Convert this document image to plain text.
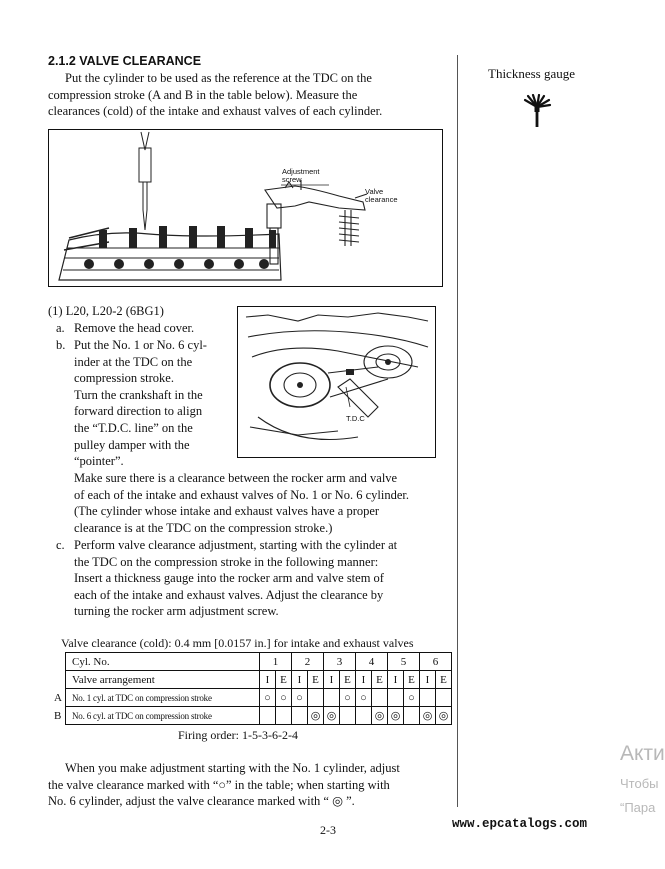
2.1.2 VALVE CLEARANCE
Put the cylinder to be used as the reference at the TDC on the
compression stroke (A and B in the table below). Measure the
clearances (cold) of the intake and exhaust valves of each cylinder.
Thickness gauge
Adjustment
screw
Valve
clearance
T.D.C
(1) L20, L20-2 (6BG1)
a. Remove the head cover.
b. Put the No. 1 or No. 6 cyl-
inder at the TDC on the
compression stroke.
Turn the crankshaft in the
forward direction to align
the “T.D.C. line” on the
pulley damper with the
“pointer”.
Make sure there is a clearance between the rocker arm and valve
of each of the intake and exhaust valves of No. 1 or No. 6 cylinder.
(The cylinder whose intake and exhaust valves have a proper
clearance is at the TDC on the compression stroke.)
c. Perform valve clearance adjustment, starting with the cylinder at
the TDC on the compression stroke in the following manner:
Insert a thickness gauge into the rocker arm and valve stem of
each of the intake and exhaust valves. Adjust the clearance by
turning the rocker arm adjustment screw.
Valve clearance (cold): 0.4 mm [0.0157 in.] for intake and exhaust valves
Cyl. No.	1		2		3		4		5		6	
Valve arrangement	I	E	I	E	I	E	I	E	I	E	I	E
No. 1 cyl. at TDC on compression stroke	○	○	○			○	○			○		
No. 6 cyl. at TDC on compression stroke				◎	◎			◎	◎		◎	◎
A
B
Firing order: 1-5-3-6-2-4
When you make adjustment starting with the No. 1 cylinder, adjust
the valve clearance marked with “○” in the table; when starting with
No. 6 cylinder, adjust the valve clearance marked with “ ◎ ”.
2-3	www.epcatalogs.com
Акти
Чтобы
“Пара
